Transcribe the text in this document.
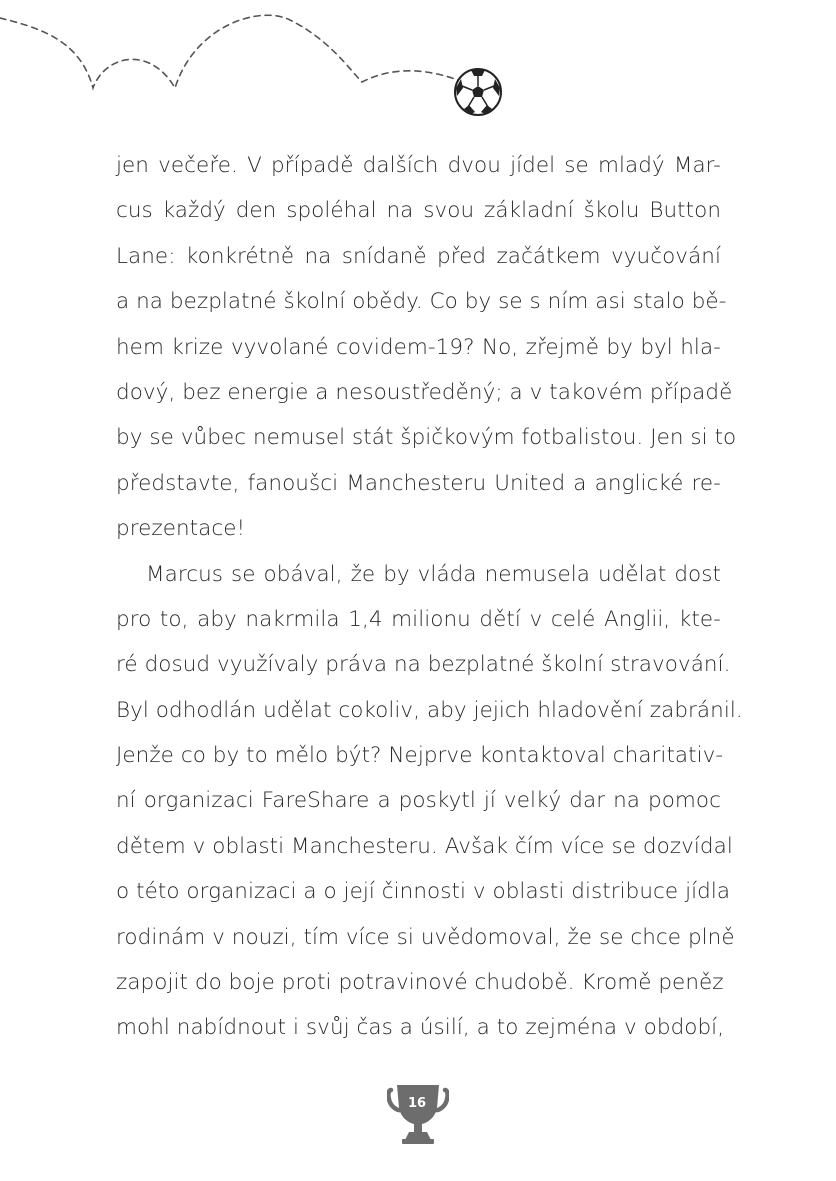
jen večeře. V případě dalších dvou jídel se mladý Mar-
cus každý den spoléhal na svou základní školu Button
Lane: konkrétně na snídaně před začátkem vyučování
a na bezplatné školní obědy. Co by se s ním asi stalo bě-
hem krize vyvolané covidem-19? No, zřejmě by byl hla-
dový, bez energie a nesoustředěný; a v takovém případě
by se vůbec nemusel stát špičkovým fotbalistou. Jen si to
představte, fanoušci Manchesteru United a anglické re-
prezentace!
Marcus se obával, že by vláda nemusela udělat dost
pro to, aby nakrmila 1,4 milionu dětí v celé Anglii, kte-
ré dosud využívaly práva na bezplatné školní stravování.
Byl odhodlán udělat cokoliv, aby jejich hladovění zabránil.
Jenže co by to mělo být? Nejprve kontaktoval charitativ-
ní organizaci FareShare a poskytl jí velký dar na pomoc
dětem v oblasti Manchesteru. Avšak čím více se dozvídal
o této organizaci a o její činnosti v oblasti distribuce jídla
rodinám v nouzi, tím více si uvědomoval, že se chce plně
zapojit do boje proti potravinové chudobě. Kromě peněz
mohl nabídnout i svůj čas a úsilí, a to zejména v období,
16
